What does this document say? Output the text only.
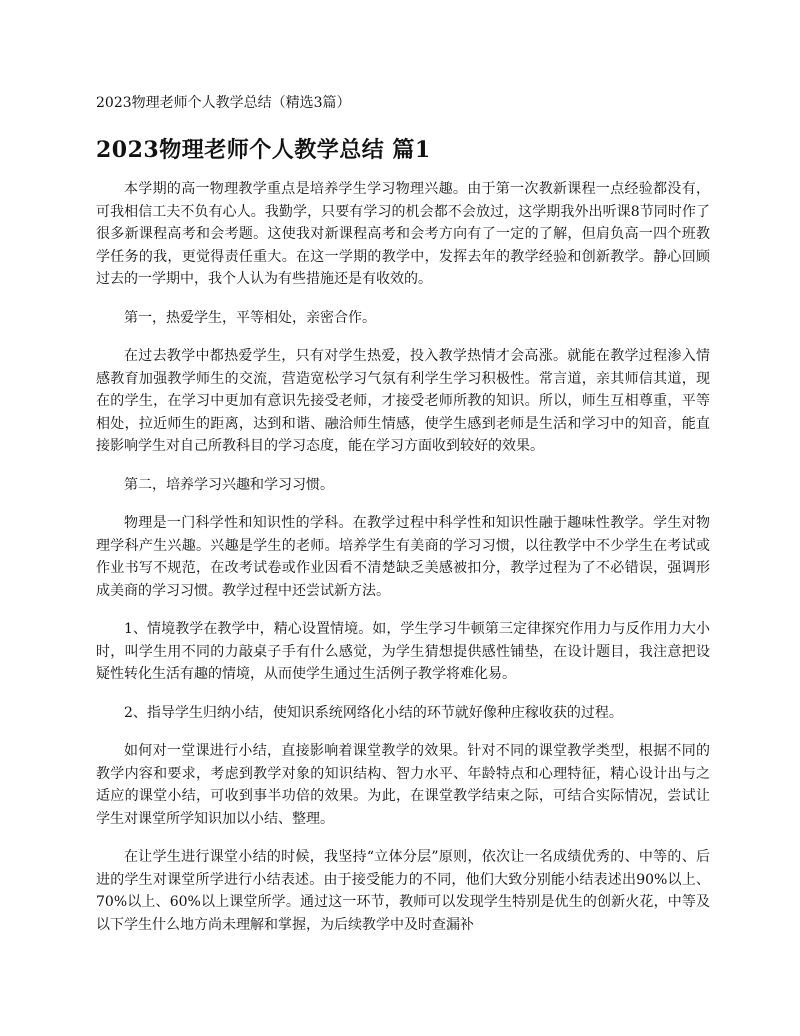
2023物理老师个人教学总结（精选3篇）
2023物理老师个人教学总结 篇1

本学期的高一物理教学重点是培养学生学习物理兴趣。由于第一次教新课程一点经验都没有，可我相信工夫不负有心人。我勤学，只要有学习的机会都不会放过，这学期我外出听课8节同时作了很多新课程高考和会考题。这使我对新课程高考和会考方向有了一定的了解，但肩负高一四个班教学任务的我，更觉得责任重大。在这一学期的教学中，发挥去年的教学经验和创新教学。静心回顾过去的一学期中，我个人认为有些措施还是有收效的。

第一，热爱学生，平等相处，亲密合作。

在过去教学中都热爱学生，只有对学生热爱，投入教学热情才会高涨。就能在教学过程渗入情感教育加强教学师生的交流，营造宽松学习气氛有利学生学习积极性。常言道，亲其师信其道，现在的学生，在学习中更加有意识先接受老师，才接受老师所教的知识。所以，师生互相尊重，平等相处，拉近师生的距离，达到和谐、融洽师生情感，使学生感到老师是生活和学习中的知音，能直接影响学生对自己所教科目的学习态度，能在学习方面收到较好的效果。

第二，培养学习兴趣和学习习惯。

物理是一门科学性和知识性的学科。在教学过程中科学性和知识性融于趣味性教学。学生对物理学科产生兴趣。兴趣是学生的老师。培养学生有美商的学习习惯，以往教学中不少学生在考试或作业书写不规范，在改考试卷或作业因看不清楚缺乏美感被扣分，教学过程为了不必错误，强调形成美商的学习习惯。教学过程中还尝试新方法。

1、情境教学在教学中，精心设置情境。如，学生学习牛顿第三定律探究作用力与反作用力大小时，叫学生用不同的力敲桌子手有什么感觉，为学生猜想提供感性铺垫，在设计题目，我注意把设疑性转化生活有趣的情境，从而使学生通过生活例子教学将难化易。

2、指导学生归纳小结，使知识系统网络化小结的环节就好像种庄稼收获的过程。

如何对一堂课进行小结，直接影响着课堂教学的效果。针对不同的课堂教学类型，根据不同的教学内容和要求，考虑到教学对象的知识结构、智力水平、年龄特点和心理特征，精心设计出与之适应的课堂小结，可收到事半功倍的效果。为此，在课堂教学结束之际，可结合实际情况，尝试让学生对课堂所学知识加以小结、整理。

在让学生进行课堂小结的时候，我坚持“立体分层”原则，依次让一名成绩优秀的、中等的、后进的学生对课堂所学进行小结表述。由于接受能力的不同，他们大致分别能小结表述出90%以上、70%以上、60%以上课堂所学。通过这一环节，教师可以发现学生特别是优生的创新火花，中等及以下学生什么地方尚未理解和掌握，为后续教学中及时查漏补
